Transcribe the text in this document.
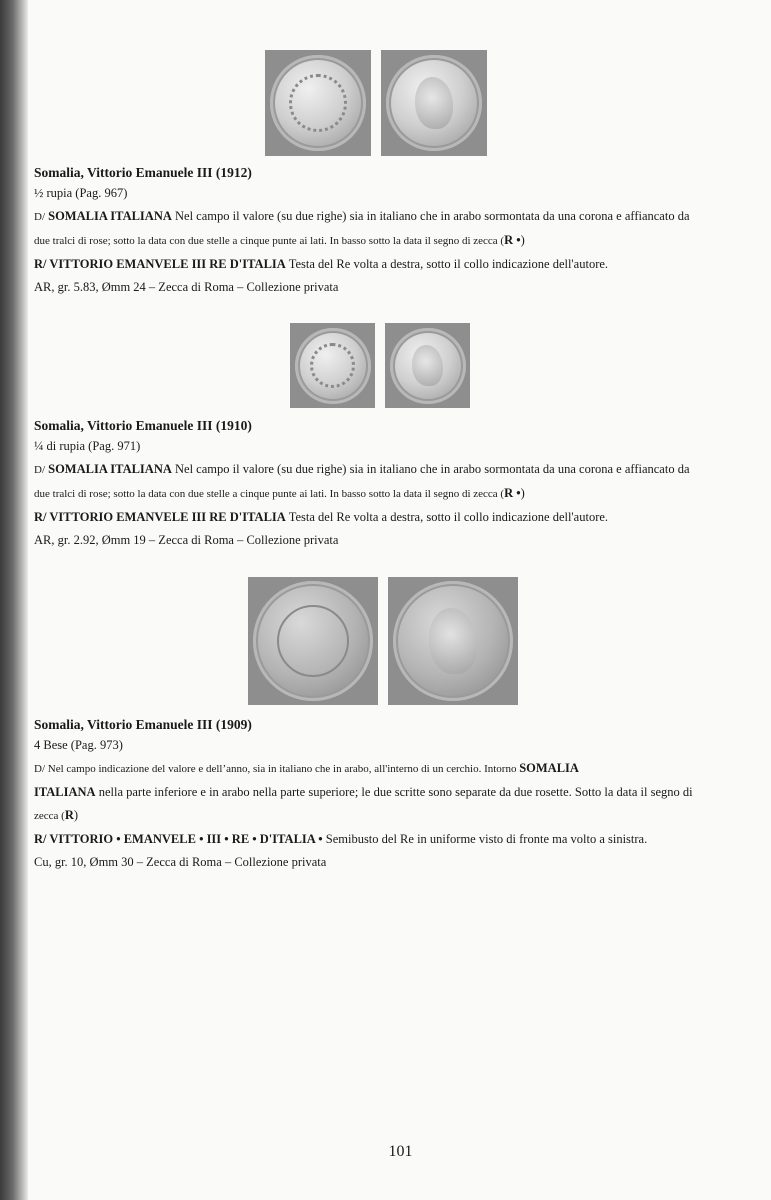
Somalia, Vittorio Emanuele III (1912)
½ rupia (Pag. 967)
D/ SOMALIA ITALIANA Nel campo il valore (su due righe) sia in italiano che in arabo sormontata da una corona e affiancato da
due tralci di rose; sotto la data con due stelle a cinque punte ai lati. In basso sotto la data il segno di zecca (R •)
R/ VITTORIO EMANVELE III RE D'ITALIA Testa del Re volta a destra, sotto il collo indicazione dell'autore.
AR, gr. 5.83, Ømm 24 – Zecca di Roma – Collezione privata
Somalia, Vittorio Emanuele III (1910)
¼ di rupia (Pag. 971)
D/ SOMALIA ITALIANA Nel campo il valore (su due righe) sia in italiano che in arabo sormontata da una corona e affiancato da
due tralci di rose; sotto la data con due stelle a cinque punte ai lati. In basso sotto la data il segno di zecca (R •)
R/ VITTORIO EMANVELE III RE D'ITALIA Testa del Re volta a destra, sotto il collo indicazione dell'autore.
AR, gr. 2.92, Ømm 19 – Zecca di Roma – Collezione privata
Somalia, Vittorio Emanuele III (1909)
4 Bese (Pag. 973)
D/ Nel campo indicazione del valore e dell’anno, sia in italiano che in arabo, all'interno di un cerchio. Intorno SOMALIA
ITALIANA nella parte inferiore e in arabo nella parte superiore; le due scritte sono separate da due rosette. Sotto la data il segno di
zecca (R)
R/ VITTORIO • EMANVELE • III • RE • D'ITALIA • Semibusto del Re in uniforme visto di fronte ma volto a sinistra.
Cu, gr. 10, Ømm 30 – Zecca di Roma – Collezione privata
101
